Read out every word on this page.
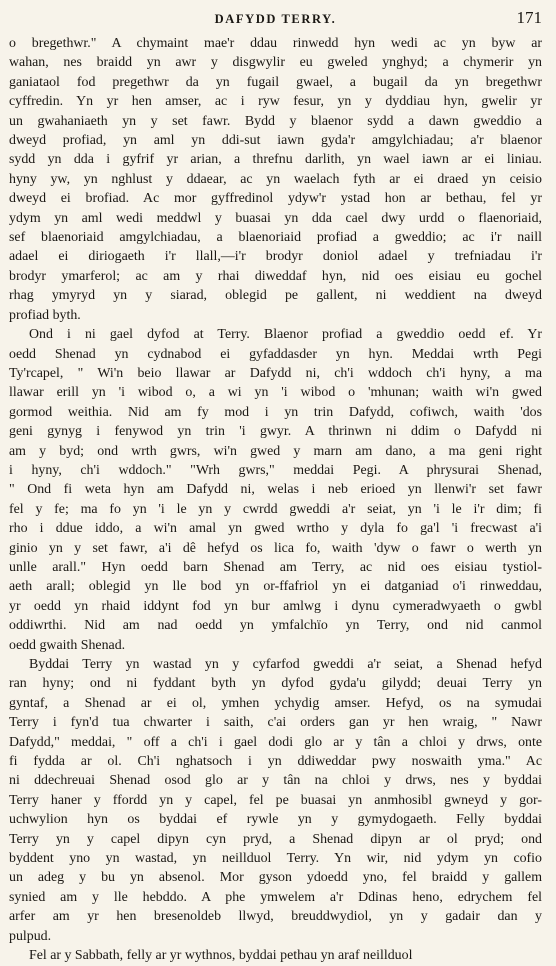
DAFYDD TERRY.	171

o bregethwr." A chymaint mae'r ddau rinwedd hyn wedi ac yn byw ar

wahan, nes braidd yn awr y disgwylir eu gweled ynghyd; a chymerir yn

ganiataol fod pregethwr da yn fugail gwael, a bugail da yn bregethwr

cyffredin. Yn yr hen amser, ac i ryw fesur, yn y dyddiau hyn, gwelir yr

un gwahaniaeth yn y set fawr. Bydd y blaenor sydd a dawn gweddio a

dweyd profiad, yn aml yn ddi-sut iawn gyda'r amgylchiadau; a'r blaenor

sydd yn dda i gyfrif yr arian, a threfnu darlith, yn wael iawn ar ei liniau.

hyny yw, yn nghlust y ddaear, ac yn waelach fyth ar ei draed yn ceisio

dweyd ei brofiad. Ac mor gyffredinol ydyw'r ystad hon ar bethau, fel yr

ydym yn aml wedi meddwl y buasai yn dda cael dwy urdd o flaenoriaid,

sef blaenoriaid amgylchiadau, a blaenoriaid profiad a gweddio; ac i'r naill

adael ei diriogaeth i'r llall,—i'r brodyr doniol adael y trefniadau i'r

brodyr ymarferol; ac am y rhai diweddaf hyn, nid oes eisiau eu gochel

rhag ymyryd yn y siarad, oblegid pe gallent, ni weddient na dweyd

profiad byth.

Ond i ni gael dyfod at Terry. Blaenor profiad a gweddio oedd ef. Yr

oedd Shenad yn cydnabod ei gyfaddasder yn hyn. Meddai wrth Pegi

Ty'rcapel, " Wi'n beio llawar ar Dafydd ni, ch'i wddoch ch'i hyny, a ma

llawar erill yn 'i wibod o, a wi yn 'i wibod o 'mhunan; waith wi'n gwed

gormod weithia. Nid am fy mod i yn trin Dafydd, cofiwch, waith 'dos

geni gynyg i fenywod yn trin 'i gwyr. A thrinwn ni ddim o Dafydd ni

am y byd; ond wrth gwrs, wi'n gwed y marn am dano, a ma geni right

i hyny, ch'i wddoch." "Wrh gwrs," meddai Pegi. A phrysurai Shenad,

" Ond fi weta hyn am Dafydd ni, welas i neb erioed yn llenwi'r set fawr

fel y fe; ma fo yn 'i le yn y cwrdd gweddi a'r seiat, yn 'i le i'r dim; fi

rho i ddue iddo, a wi'n amal yn gwed wrtho y dyla fo ga'l 'i frecwast a'i

ginio yn y set fawr, a'i dê hefyd os lica fo, waith 'dyw o fawr o werth yn

unlle arall." Hyn oedd barn Shenad am Terry, ac nid oes eisiau tystiol-

aeth arall; oblegid yn lle bod yn or-ffafriol yn ei datganiad o'i rinweddau,

yr oedd yn rhaid iddynt fod yn bur amlwg i dynu cymeradwyaeth o gwbl

oddiwrthi. Nid am nad oedd yn ymfalchïo yn Terry, ond nid canmol

oedd gwaith Shenad.

Byddai Terry yn wastad yn y cyfarfod gweddi a'r seiat, a Shenad hefyd

ran hyny; ond ni fyddant byth yn dyfod gyda'u gilydd; deuai Terry yn

gyntaf, a Shenad ar ei ol, ymhen ychydig amser. Hefyd, os na symudai

Terry i fyn'd tua chwarter i saith, c'ai orders gan yr hen wraig, " Nawr

Dafydd," meddai, " off a ch'i i gael dodi glo ar y tân a chloi y drws, onte

fi fydda ar ol. Ch'i nghatsoch i yn ddiweddar pwy noswaith yma." Ac

ni ddechreuai Shenad osod glo ar y tân na chloi y drws, nes y byddai

Terry haner y ffordd yn y capel, fel pe buasai yn anmhosibl gwneyd y gor-

uchwylion hyn os byddai ef rywle yn y gymydogaeth. Felly byddai

Terry yn y capel dipyn cyn pryd, a Shenad dipyn ar ol pryd; ond

byddent yno yn wastad, yn neillduol Terry. Yn wir, nid ydym yn cofio

un adeg y bu yn absenol. Mor gyson ydoedd yno, fel braidd y gallem

synied am y lle hebddo. A phe ymwelem a'r Ddinas heno, edrychem fel

arfer am yr hen bresenoldeb llwyd, breuddwydiol, yn y gadair dan y

pulpud.

Fel ar y Sabbath, felly ar yr wythnos, byddai pethau yn araf neillduol
